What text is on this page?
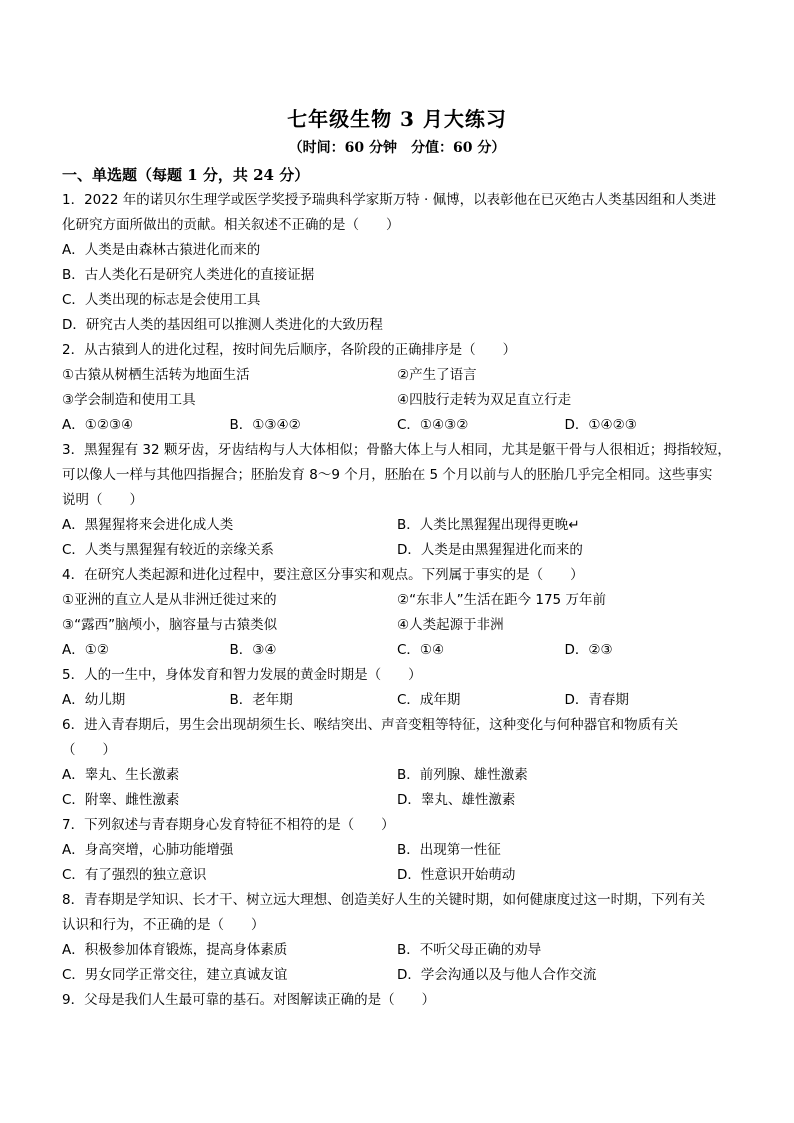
七年级生物 3 月大练习
（时间：60 分钟　分值：60 分）
一、单选题（每题 1 分，共 24 分）
1．2022 年的诺贝尔生理学或医学奖授予瑞典科学家斯万特 · 佩博，以表彰他在已灭绝古人类基因组和人类进
化研究方面所做出的贡献。相关叙述不正确的是（　　）
A．人类是由森林古猿进化而来的
B．古人类化石是研究人类进化的直接证据
C．人类出现的标志是会使用工具
D．研究古人类的基因组可以推测人类进化的大致历程
2．从古猿到人的进化过程，按时间先后顺序，各阶段的正确排序是（　　）
①古猿从树栖生活转为地面生活	②产生了语言
③学会制造和使用工具	④四肢行走转为双足直立行走
A．①②③④	B．①③④②	C．①④③②	D．①④②③
3．黑猩猩有 32 颗牙齿，牙齿结构与人大体相似；骨骼大体上与人相同，尤其是躯干骨与人很相近；拇指较短，
可以像人一样与其他四指握合；胚胎发育 8～9 个月，胚胎在 5 个月以前与人的胚胎几乎完全相同。这些事实
说明（　　）
A．黑猩猩将来会进化成人类	B．人类比黑猩猩出现得更晚↵
C．人类与黑猩猩有较近的亲缘关系	D．人类是由黑猩猩进化而来的
4．在研究人类起源和进化过程中，要注意区分事实和观点。下列属于事实的是（　　）
①亚洲的直立人是从非洲迁徙过来的	②“东非人”生活在距今 175 万年前
③“露西”脑颅小，脑容量与古猿类似	④人类起源于非洲
A．①②	B．③④	C．①④	D．②③
5．人的一生中，身体发育和智力发展的黄金时期是（　　）
A．幼儿期	B．老年期	C．成年期	D．青春期
6．进入青春期后，男生会出现胡须生长、喉结突出、声音变粗等特征，这种变化与何种器官和物质有关
（　　）
A．睾丸、生长激素	B．前列腺、雄性激素
C．附睾、雌性激素	D．睾丸、雄性激素
7．下列叙述与青春期身心发育特征不相符的是（　　）
A．身高突增，心肺功能增强	B．出现第一性征
C．有了强烈的独立意识	D．性意识开始萌动
8．青春期是学知识、长才干、树立远大理想、创造美好人生的关键时期，如何健康度过这一时期，下列有关
认识和行为，不正确的是（　　）
A．积极参加体育锻炼，提高身体素质	B．不听父母正确的劝导
C．男女同学正常交往，建立真诚友谊	D．学会沟通以及与他人合作交流
9．父母是我们人生最可靠的基石。对图解读正确的是（　　）
